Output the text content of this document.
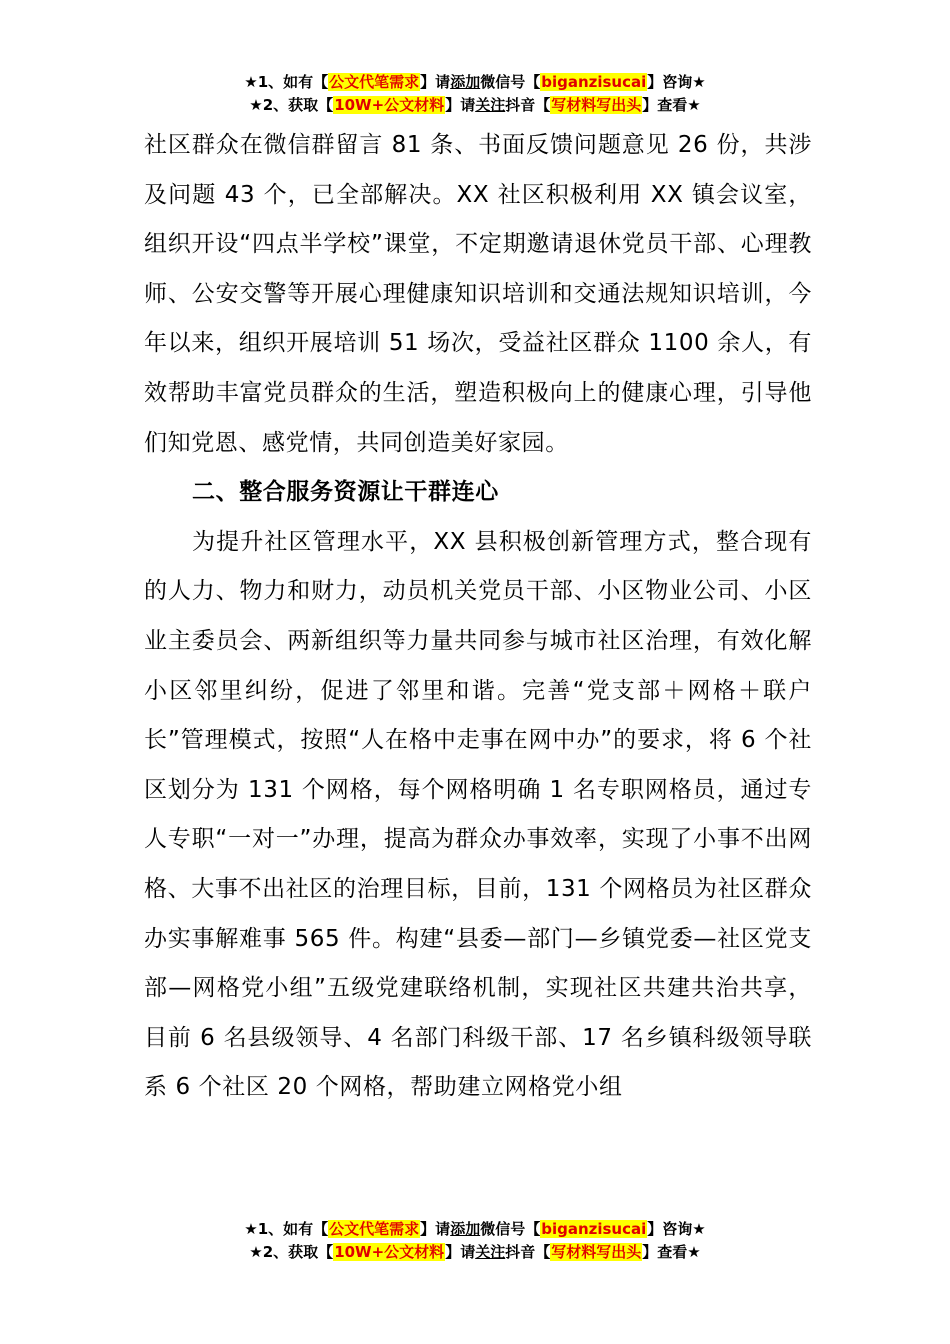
★1、如有【公文代笔需求】请添加微信号【biganzisucai】咨询★
★2、获取【10W+公文材料】请关注抖音【写材料写出头】查看★

社区群众在微信群留言 81 条、书面反馈问题意见 26 份，共涉及问题 43 个，已全部解决。XX 社区积极利用 XX 镇会议室，组织开设“四点半学校”课堂，不定期邀请退休党员干部、心理教师、公安交警等开展心理健康知识培训和交通法规知识培训，今年以来，组织开展培训 51 场次，受益社区群众 1100 余人，有效帮助丰富党员群众的生活，塑造积极向上的健康心理，引导他们知党恩、感党情，共同创造美好家园。

二、整合服务资源让干群连心

为提升社区管理水平，XX 县积极创新管理方式，整合现有的人力、物力和财力，动员机关党员干部、小区物业公司、小区业主委员会、两新组织等力量共同参与城市社区治理，有效化解小区邻里纠纷，促进了邻里和谐。完善“党支部＋网格＋联户长”管理模式，按照“人在格中走事在网中办”的要求，将 6 个社区划分为 131 个网格，每个网格明确 1 名专职网格员，通过专人专职“一对一”办理，提高为群众办事效率，实现了小事不出网格、大事不出社区的治理目标，目前，131 个网格员为社区群众办实事解难事 565 件。构建“县委—部门—乡镇党委—社区党支部—网格党小组”五级党建联络机制，实现社区共建共治共享，目前 6 名县级领导、4 名部门科级干部、17 名乡镇科级领导联系 6 个社区 20 个网格，帮助建立网格党小组

★1、如有【公文代笔需求】请添加微信号【biganzisucai】咨询★
★2、获取【10W+公文材料】请关注抖音【写材料写出头】查看★
